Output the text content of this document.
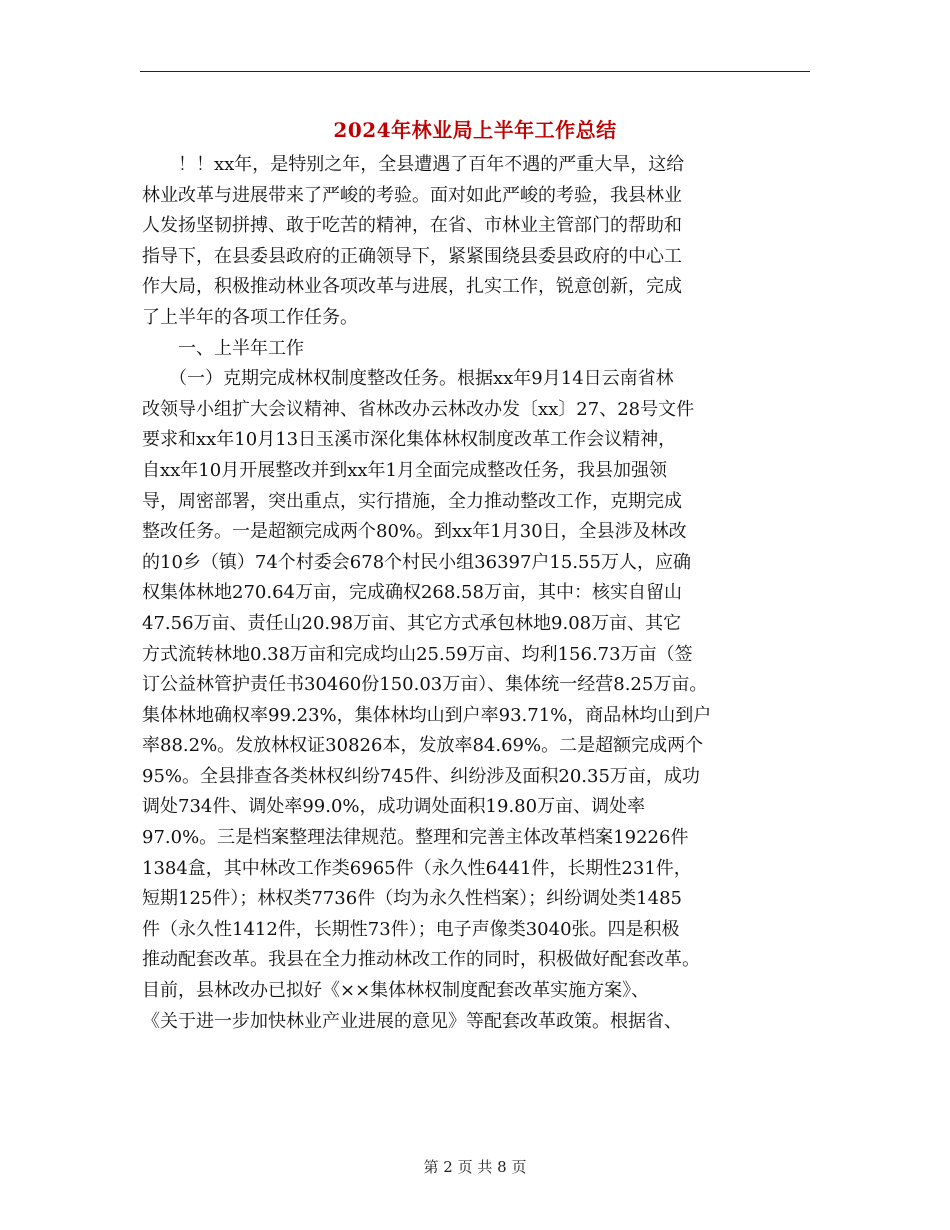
2024年林业局上半年工作总结
　　！！xx年，是特别之年，全县遭遇了百年不遇的严重大旱，这给
林业改革与进展带来了严峻的考验。面对如此严峻的考验，我县林业
人发扬坚韧拼搏、敢于吃苦的精神，在省、市林业主管部门的帮助和
指导下，在县委县政府的正确领导下，紧紧围绕县委县政府的中心工
作大局，积极推动林业各项改革与进展，扎实工作，锐意创新，完成
了上半年的各项工作任务。
　　一、上半年工作
　　（一）克期完成林权制度整改任务。根据xx年9月14日云南省林
改领导小组扩大会议精神、省林改办云林改办发〔xx〕27、28号文件
要求和xx年10月13日玉溪市深化集体林权制度改革工作会议精神，
自xx年10月开展整改并到xx年1月全面完成整改任务，我县加强领
导，周密部署，突出重点，实行措施，全力推动整改工作，克期完成
整改任务。一是超额完成两个80%。到xx年1月30日，全县涉及林改
的10乡（镇）74个村委会678个村民小组36397户15.55万人，应确
权集体林地270.64万亩，完成确权268.58万亩，其中：核实自留山
47.56万亩、责任山20.98万亩、其它方式承包林地9.08万亩、其它
方式流转林地0.38万亩和完成均山25.59万亩、均利156.73万亩（签
订公益林管护责任书30460份150.03万亩）、集体统一经营8.25万亩。
集体林地确权率99.23%，集体林均山到户率93.71%，商品林均山到户
率88.2%。发放林权证30826本，发放率84.69%。二是超额完成两个
95%。全县排查各类林权纠纷745件、纠纷涉及面积20.35万亩，成功
调处734件、调处率99.0%，成功调处面积19.80万亩、调处率
97.0%。三是档案整理法律规范。整理和完善主体改革档案19226件
1384盒，其中林改工作类6965件（永久性6441件，长期性231件，
短期125件）；林权类7736件（均为永久性档案）；纠纷调处类1485
件（永久性1412件，长期性73件）；电子声像类3040张。四是积极
推动配套改革。我县在全力推动林改工作的同时，积极做好配套改革。
目前，县林改办已拟好《××集体林权制度配套改革实施方案》、
《关于进一步加快林业产业进展的意见》等配套改革政策。根据省、
第 2 页 共 8 页
